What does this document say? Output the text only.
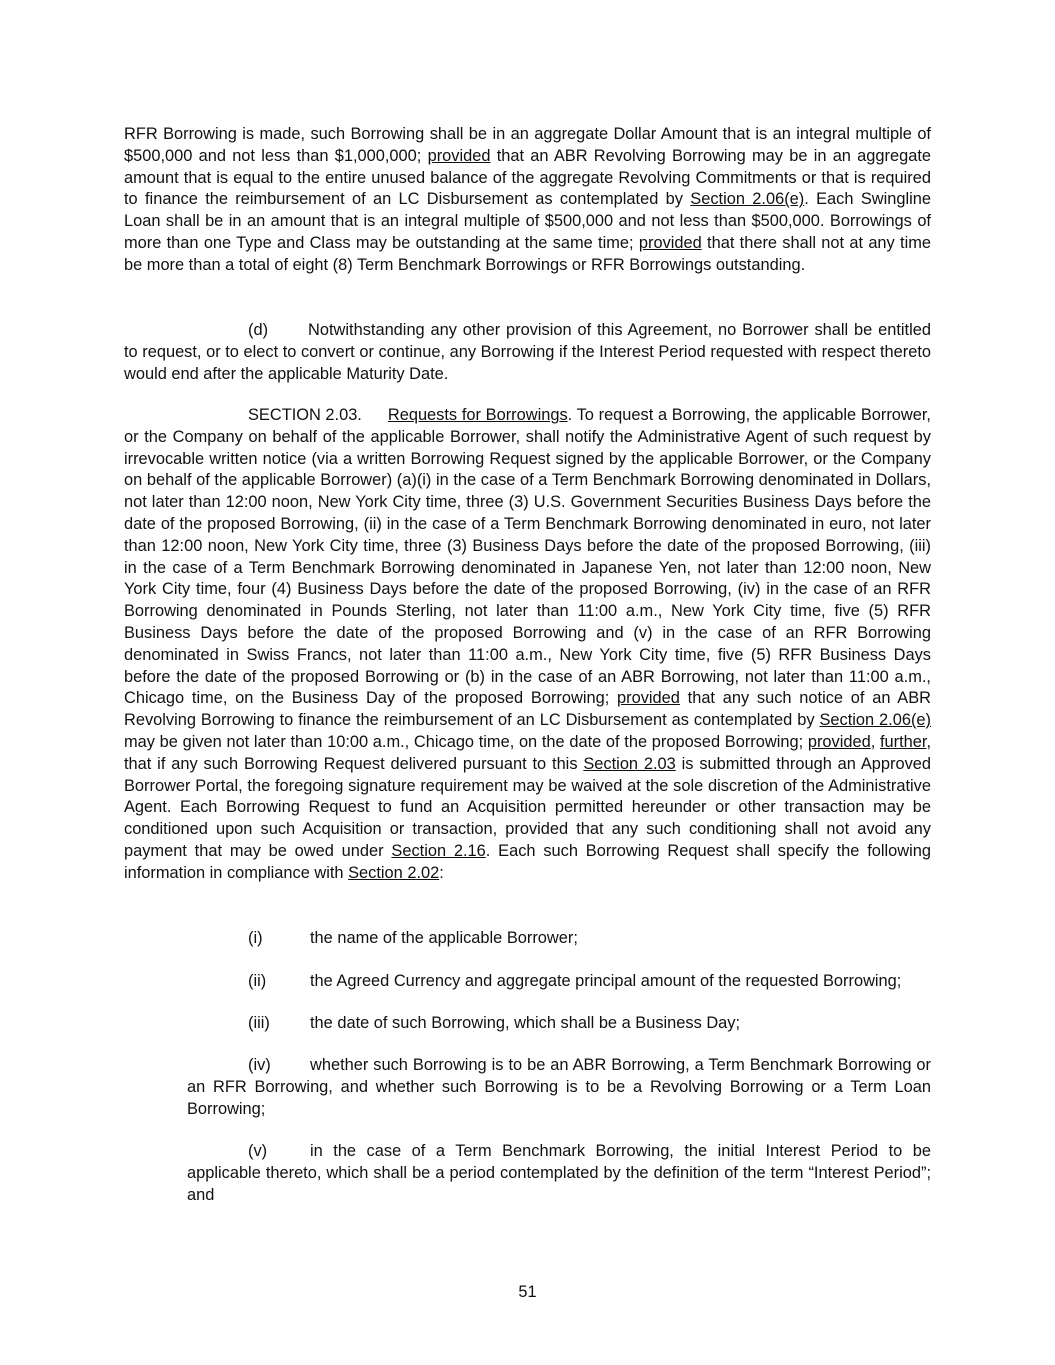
RFR Borrowing is made, such Borrowing shall be in an aggregate Dollar Amount that is an integral multiple of $500,000 and not less than $1,000,000; provided that an ABR Revolving Borrowing may be in an aggregate amount that is equal to the entire unused balance of the aggregate Revolving Commitments or that is required to finance the reimbursement of an LC Disbursement as contemplated by Section 2.06(e). Each Swingline Loan shall be in an amount that is an integral multiple of $500,000 and not less than $500,000. Borrowings of more than one Type and Class may be outstanding at the same time; provided that there shall not at any time be more than a total of eight (8) Term Benchmark Borrowings or RFR Borrowings outstanding.
(d) Notwithstanding any other provision of this Agreement, no Borrower shall be entitled to request, or to elect to convert or continue, any Borrowing if the Interest Period requested with respect thereto would end after the applicable Maturity Date.
SECTION 2.03. Requests for Borrowings. To request a Borrowing, the applicable Borrower, or the Company on behalf of the applicable Borrower, shall notify the Administrative Agent of such request by irrevocable written notice (via a written Borrowing Request signed by the applicable Borrower, or the Company on behalf of the applicable Borrower) (a)(i) in the case of a Term Benchmark Borrowing denominated in Dollars, not later than 12:00 noon, New York City time, three (3) U.S. Government Securities Business Days before the date of the proposed Borrowing, (ii) in the case of a Term Benchmark Borrowing denominated in euro, not later than 12:00 noon, New York City time, three (3) Business Days before the date of the proposed Borrowing, (iii) in the case of a Term Benchmark Borrowing denominated in Japanese Yen, not later than 12:00 noon, New York City time, four (4) Business Days before the date of the proposed Borrowing, (iv) in the case of an RFR Borrowing denominated in Pounds Sterling, not later than 11:00 a.m., New York City time, five (5) RFR Business Days before the date of the proposed Borrowing and (v) in the case of an RFR Borrowing denominated in Swiss Francs, not later than 11:00 a.m., New York City time, five (5) RFR Business Days before the date of the proposed Borrowing or (b) in the case of an ABR Borrowing, not later than 11:00 a.m., Chicago time, on the Business Day of the proposed Borrowing; provided that any such notice of an ABR Revolving Borrowing to finance the reimbursement of an LC Disbursement as contemplated by Section 2.06(e) may be given not later than 10:00 a.m., Chicago time, on the date of the proposed Borrowing; provided, further, that if any such Borrowing Request delivered pursuant to this Section 2.03 is submitted through an Approved Borrower Portal, the foregoing signature requirement may be waived at the sole discretion of the Administrative Agent. Each Borrowing Request to fund an Acquisition permitted hereunder or other transaction may be conditioned upon such Acquisition or transaction, provided that any such conditioning shall not avoid any payment that may be owed under Section 2.16. Each such Borrowing Request shall specify the following information in compliance with Section 2.02:
(i)	the name of the applicable Borrower;
(ii)	the Agreed Currency and aggregate principal amount of the requested Borrowing;
(iii) the date of such Borrowing, which shall be a Business Day;
(iv) whether such Borrowing is to be an ABR Borrowing, a Term Benchmark Borrowing or an RFR Borrowing, and whether such Borrowing is to be a Revolving Borrowing or a Term Loan Borrowing;
(v)	in the case of a Term Benchmark Borrowing, the initial Interest Period to be applicable thereto, which shall be a period contemplated by the definition of the term “Interest Period”; and
51
